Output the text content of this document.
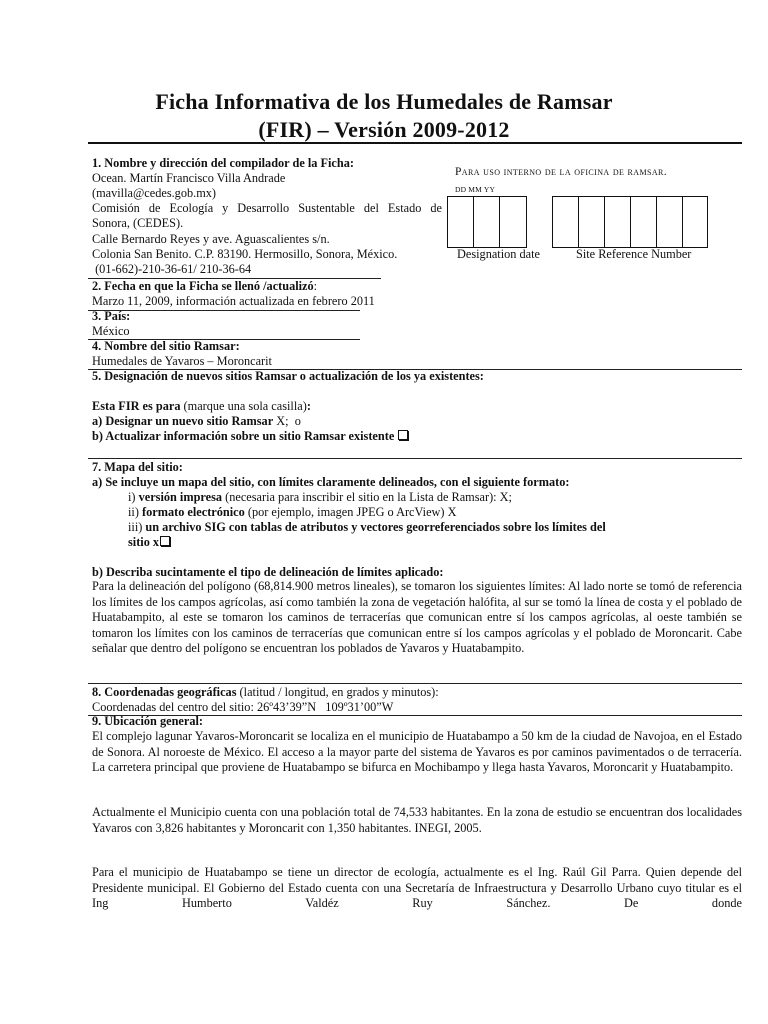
Ficha Informativa de los Humedales de Ramsar
(FIR) – Versión 2009-2012
1. Nombre y dirección del compilador de la Ficha:
Ocean. Martín Francisco Villa Andrade
(mavilla@cedes.gob.mx)
Comisión de Ecología y Desarrollo Sustentable del Estado de
Sonora, (CEDES).
Calle Bernardo Reyes y ave. Aguascalientes s/n.
Colonia San Benito. C.P. 83190. Hermosillo, Sonora, México.
(01-662)-210-36-61/ 210-36-64
Para uso interno de la oficina de ramsar.
DD MM YY
Designation date	Site Reference Number
2. Fecha en que la Ficha se llenó /actualizó:
Marzo 11, 2009, información actualizada en febrero 2011
3. País:
México
4. Nombre del sitio Ramsar:
Humedales de Yavaros – Moroncarit
5. Designación de nuevos sitios Ramsar o actualización de los ya existentes:
Esta FIR es para (marque una sola casilla):
a) Designar un nuevo sitio Ramsar X;  o
b) Actualizar información sobre un sitio Ramsar existente
7. Mapa del sitio:
a) Se incluye un mapa del sitio, con límites claramente delineados, con el siguiente formato:
i) versión impresa (necesaria para inscribir el sitio en la Lista de Ramsar): X;
ii) formato electrónico (por ejemplo, imagen JPEG o ArcView) X
iii) un archivo SIG con tablas de atributos y vectores georreferenciados sobre los límites del
sitio x
b) Describa sucintamente el tipo de delineación de límites aplicado:

Para la delineación del polígono (68,814.900 metros lineales), se tomaron los siguientes límites: Al lado norte se tomó de referencia los límites de los campos agrícolas, así como también la zona de vegetación halófita, al sur se tomó la línea de costa y el poblado de Huatabampito, al este se tomaron los caminos de terracerías que comunican entre sí los campos agrícolas, al oeste también se tomaron los límites con los caminos de terracerías que comunican entre sí los campos agrícolas y el poblado de Moroncarit. Cabe señalar que dentro del polígono se encuentran los poblados de Yavaros y Huatabampito.

8. Coordenadas geográficas (latitud / longitud, en grados y minutos):
Coordenadas del centro del sitio: 26º43’39”N   109º31’00”W
9. Ubicación general:

El complejo lagunar Yavaros-Moroncarit se localiza en el municipio de Huatabampo a 50 km de la ciudad de Navojoa, en el Estado de Sonora. Al noroeste de México. El acceso a la mayor parte del sistema de Yavaros es por caminos pavimentados o de terracería. La carretera principal que proviene de Huatabampo se bifurca en Mochibampo y llega hasta Yavaros, Moroncarit y Huatabampito.

Actualmente el Municipio cuenta con una población total de 74,533 habitantes. En la zona de estudio se encuentran dos localidades Yavaros con 3,826 habitantes y Moroncarit con 1,350 habitantes. INEGI, 2005.

Para el municipio de Huatabampo se tiene un director de ecología, actualmente es el Ing. Raúl Gil Parra. Quien depende del Presidente municipal. El Gobierno del Estado cuenta con una Secretaría de Infraestructura y Desarrollo Urbano cuyo titular es el Ing Humberto Valdéz Ruy Sánchez. De donde
